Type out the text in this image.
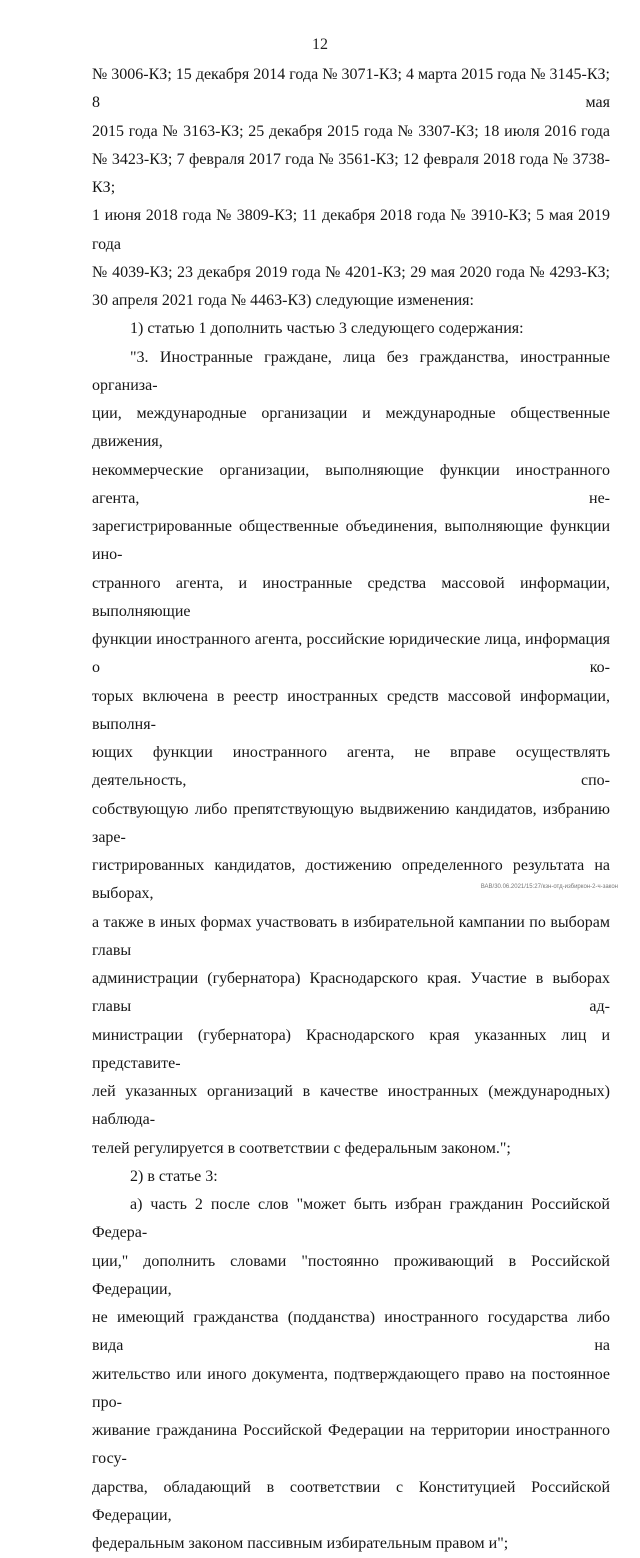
12

№ 3006-КЗ; 15 декабря 2014 года № 3071-КЗ; 4 марта 2015 года № 3145-КЗ; 8 мая

2015 года № 3163-КЗ; 25 декабря 2015 года № 3307-КЗ; 18 июля 2016 года

№ 3423-КЗ; 7 февраля 2017 года № 3561-КЗ; 12 февраля 2018 года № 3738-КЗ;

1 июня 2018 года № 3809-КЗ; 11 декабря 2018 года № 3910-КЗ; 5 мая 2019 года

№ 4039-КЗ; 23 декабря 2019 года № 4201-КЗ; 29 мая 2020 года № 4293-КЗ;

30 апреля 2021 года № 4463-КЗ) следующие изменения:

1) статью 1 дополнить частью 3 следующего содержания:

"3. Иностранные граждане, лица без гражданства, иностранные организа-

ции, международные организации и международные общественные движения,

некоммерческие организации, выполняющие функции иностранного агента, не-

зарегистрированные общественные объединения, выполняющие функции ино-

странного агента, и иностранные средства массовой информации, выполняющие

функции иностранного агента, российские юридические лица, информация о ко-

торых включена в реестр иностранных средств массовой информации, выполня-

ющих функции иностранного агента, не вправе осуществлять деятельность, спо-

собствующую либо препятствующую выдвижению кандидатов, избранию заре-

гистрированных кандидатов, достижению определенного результата на выборах,

а также в иных формах участвовать в избирательной кампании по выборам главы

администрации (губернатора) Краснодарского края. Участие в выборах главы ад-

министрации (губернатора) Краснодарского края указанных лиц и представите-

лей указанных организаций в качестве иностранных (международных) наблюда-

телей регулируется в соответствии с федеральным законом.";

2) в статье 3:

а) часть 2 после слов "может быть избран гражданин Российской Федера-

ции," дополнить словами "постоянно проживающий в Российской Федерации,

не имеющий гражданства (подданства) иностранного государства либо вида на

жительство или иного документа, подтверждающего право на постоянное про-

живание гражданина Российской Федерации на территории иностранного госу-

дарства, обладающий в соответствии с Конституцией Российской Федерации,

федеральным законом пассивным избирательным правом и";

ВАВ/30.06.2021/15:27/кзн-отд-избиркон-2-ч-закон
